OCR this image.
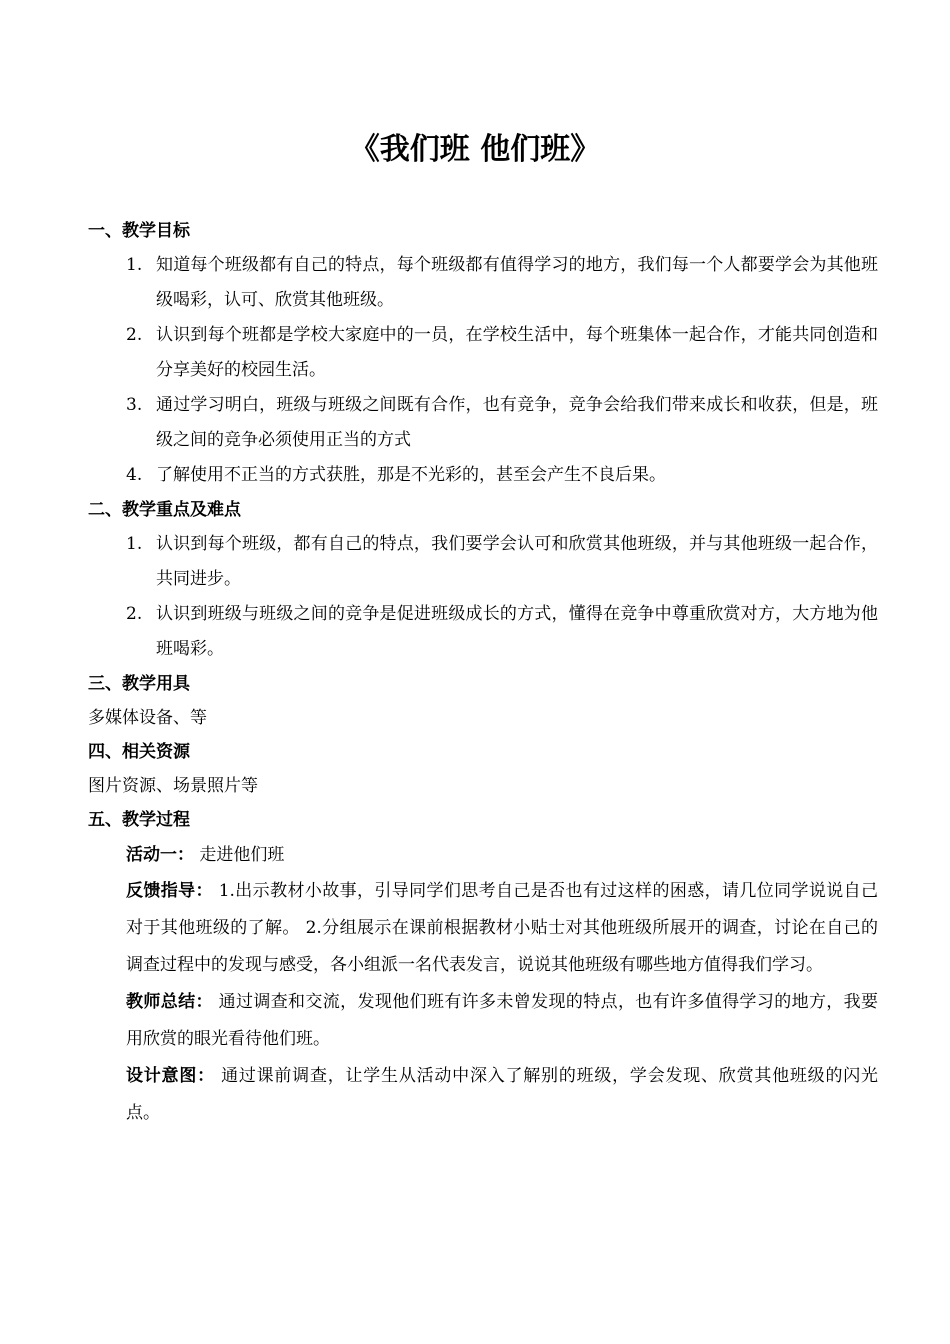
《我们班 他们班》
一、教学目标
1. 知道每个班级都有自己的特点，每个班级都有值得学习的地方，我们每一个人都要学会为其他班级喝彩，认可、欣赏其他班级。
2. 认识到每个班都是学校大家庭中的一员，在学校生活中，每个班集体一起合作，才能共同创造和分享美好的校园生活。
3. 通过学习明白，班级与班级之间既有合作，也有竞争，竞争会给我们带来成长和收获，但是，班级之间的竞争必须使用正当的方式
4. 了解使用不正当的方式获胜，那是不光彩的，甚至会产生不良后果。
二、教学重点及难点
1. 认识到每个班级，都有自己的特点，我们要学会认可和欣赏其他班级，并与其他班级一起合作，共同进步。
2. 认识到班级与班级之间的竞争是促进班级成长的方式，懂得在竞争中尊重欣赏对方，大方地为他班喝彩。
三、教学用具
多媒体设备、等
四、相关资源
图片资源、场景照片等
五、教学过程
活动一： 走进他们班
反馈指导： 1.出示教材小故事，引导同学们思考自己是否也有过这样的困惑，请几位同学说说自己对于其他班级的了解。 2.分组展示在课前根据教材小贴士对其他班级所展开的调查，讨论在自己的调查过程中的发现与感受，各小组派一名代表发言，说说其他班级有哪些地方值得我们学习。
教师总结： 通过调查和交流，发现他们班有许多未曾发现的特点，也有许多值得学习的地方，我要用欣赏的眼光看待他们班。
设计意图： 通过课前调查，让学生从活动中深入了解别的班级，学会发现、欣赏其他班级的闪光点。
